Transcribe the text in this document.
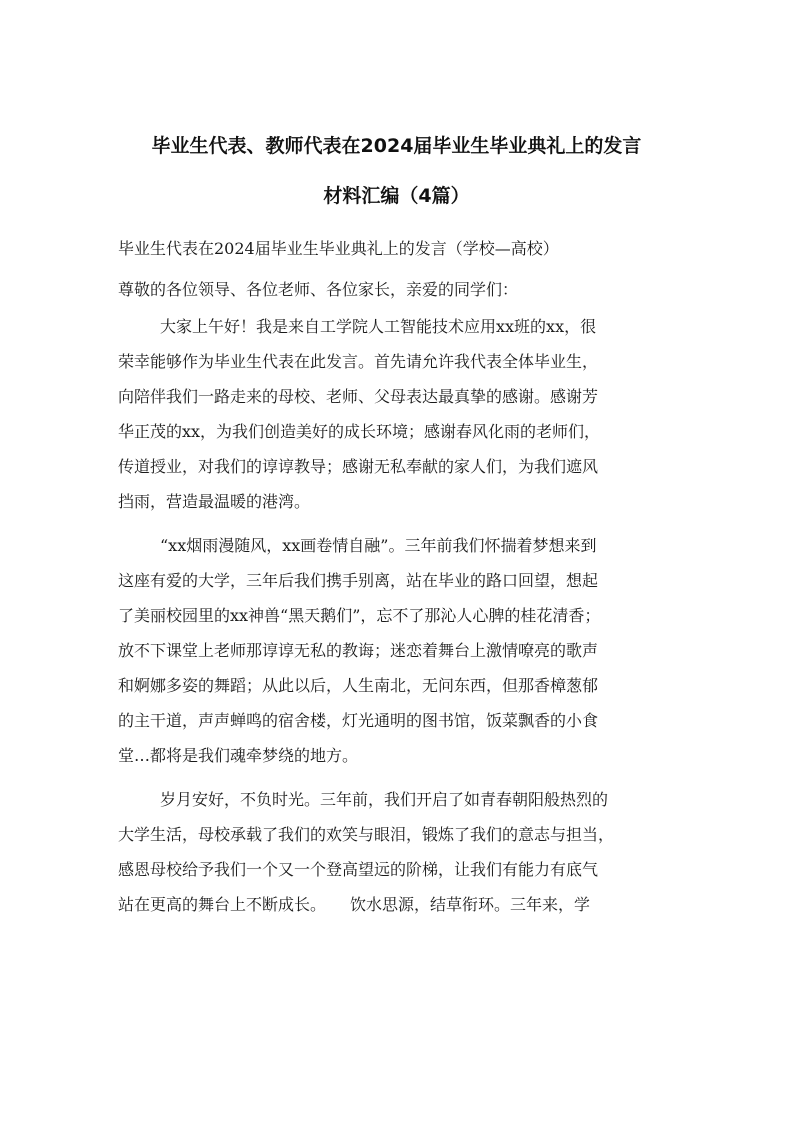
毕业生代表、教师代表在2024届毕业生毕业典礼上的发言
材料汇编（4篇）

毕业生代表在2024届毕业生毕业典礼上的发言（学校—高校）

尊敬的各位领导、各位老师、各位家长，亲爱的同学们：

大家上午好！我是来自工学院人工智能技术应用xx班的xx，很
荣幸能够作为毕业生代表在此发言。首先请允许我代表全体毕业生，
向陪伴我们一路走来的母校、老师、父母表达最真挚的感谢。感谢芳
华正茂的xx，为我们创造美好的成长环境；感谢春风化雨的老师们，
传道授业，对我们的谆谆教导；感谢无私奉献的家人们，为我们遮风
挡雨，营造最温暖的港湾。
“xx烟雨漫随风，xx画卷情自融”。三年前我们怀揣着梦想来到
这座有爱的大学，三年后我们携手别离，站在毕业的路口回望，想起
了美丽校园里的xx神兽“黑天鹅们”，忘不了那沁人心脾的桂花清香；
放不下课堂上老师那谆谆无私的教诲；迷恋着舞台上激情嘹亮的歌声
和婀娜多姿的舞蹈；从此以后，人生南北，无问东西，但那香樟葱郁
的主干道，声声蝉鸣的宿舍楼，灯光通明的图书馆，饭菜飘香的小食
堂…都将是我们魂牵梦绕的地方。
岁月安好，不负时光。三年前，我们开启了如青春朝阳般热烈的
大学生活，母校承载了我们的欢笑与眼泪，锻炼了我们的意志与担当，
感恩母校给予我们一个又一个登高望远的阶梯，让我们有能力有底气
站在更高的舞台上不断成长。　　饮水思源，结草衔环。三年来，学
